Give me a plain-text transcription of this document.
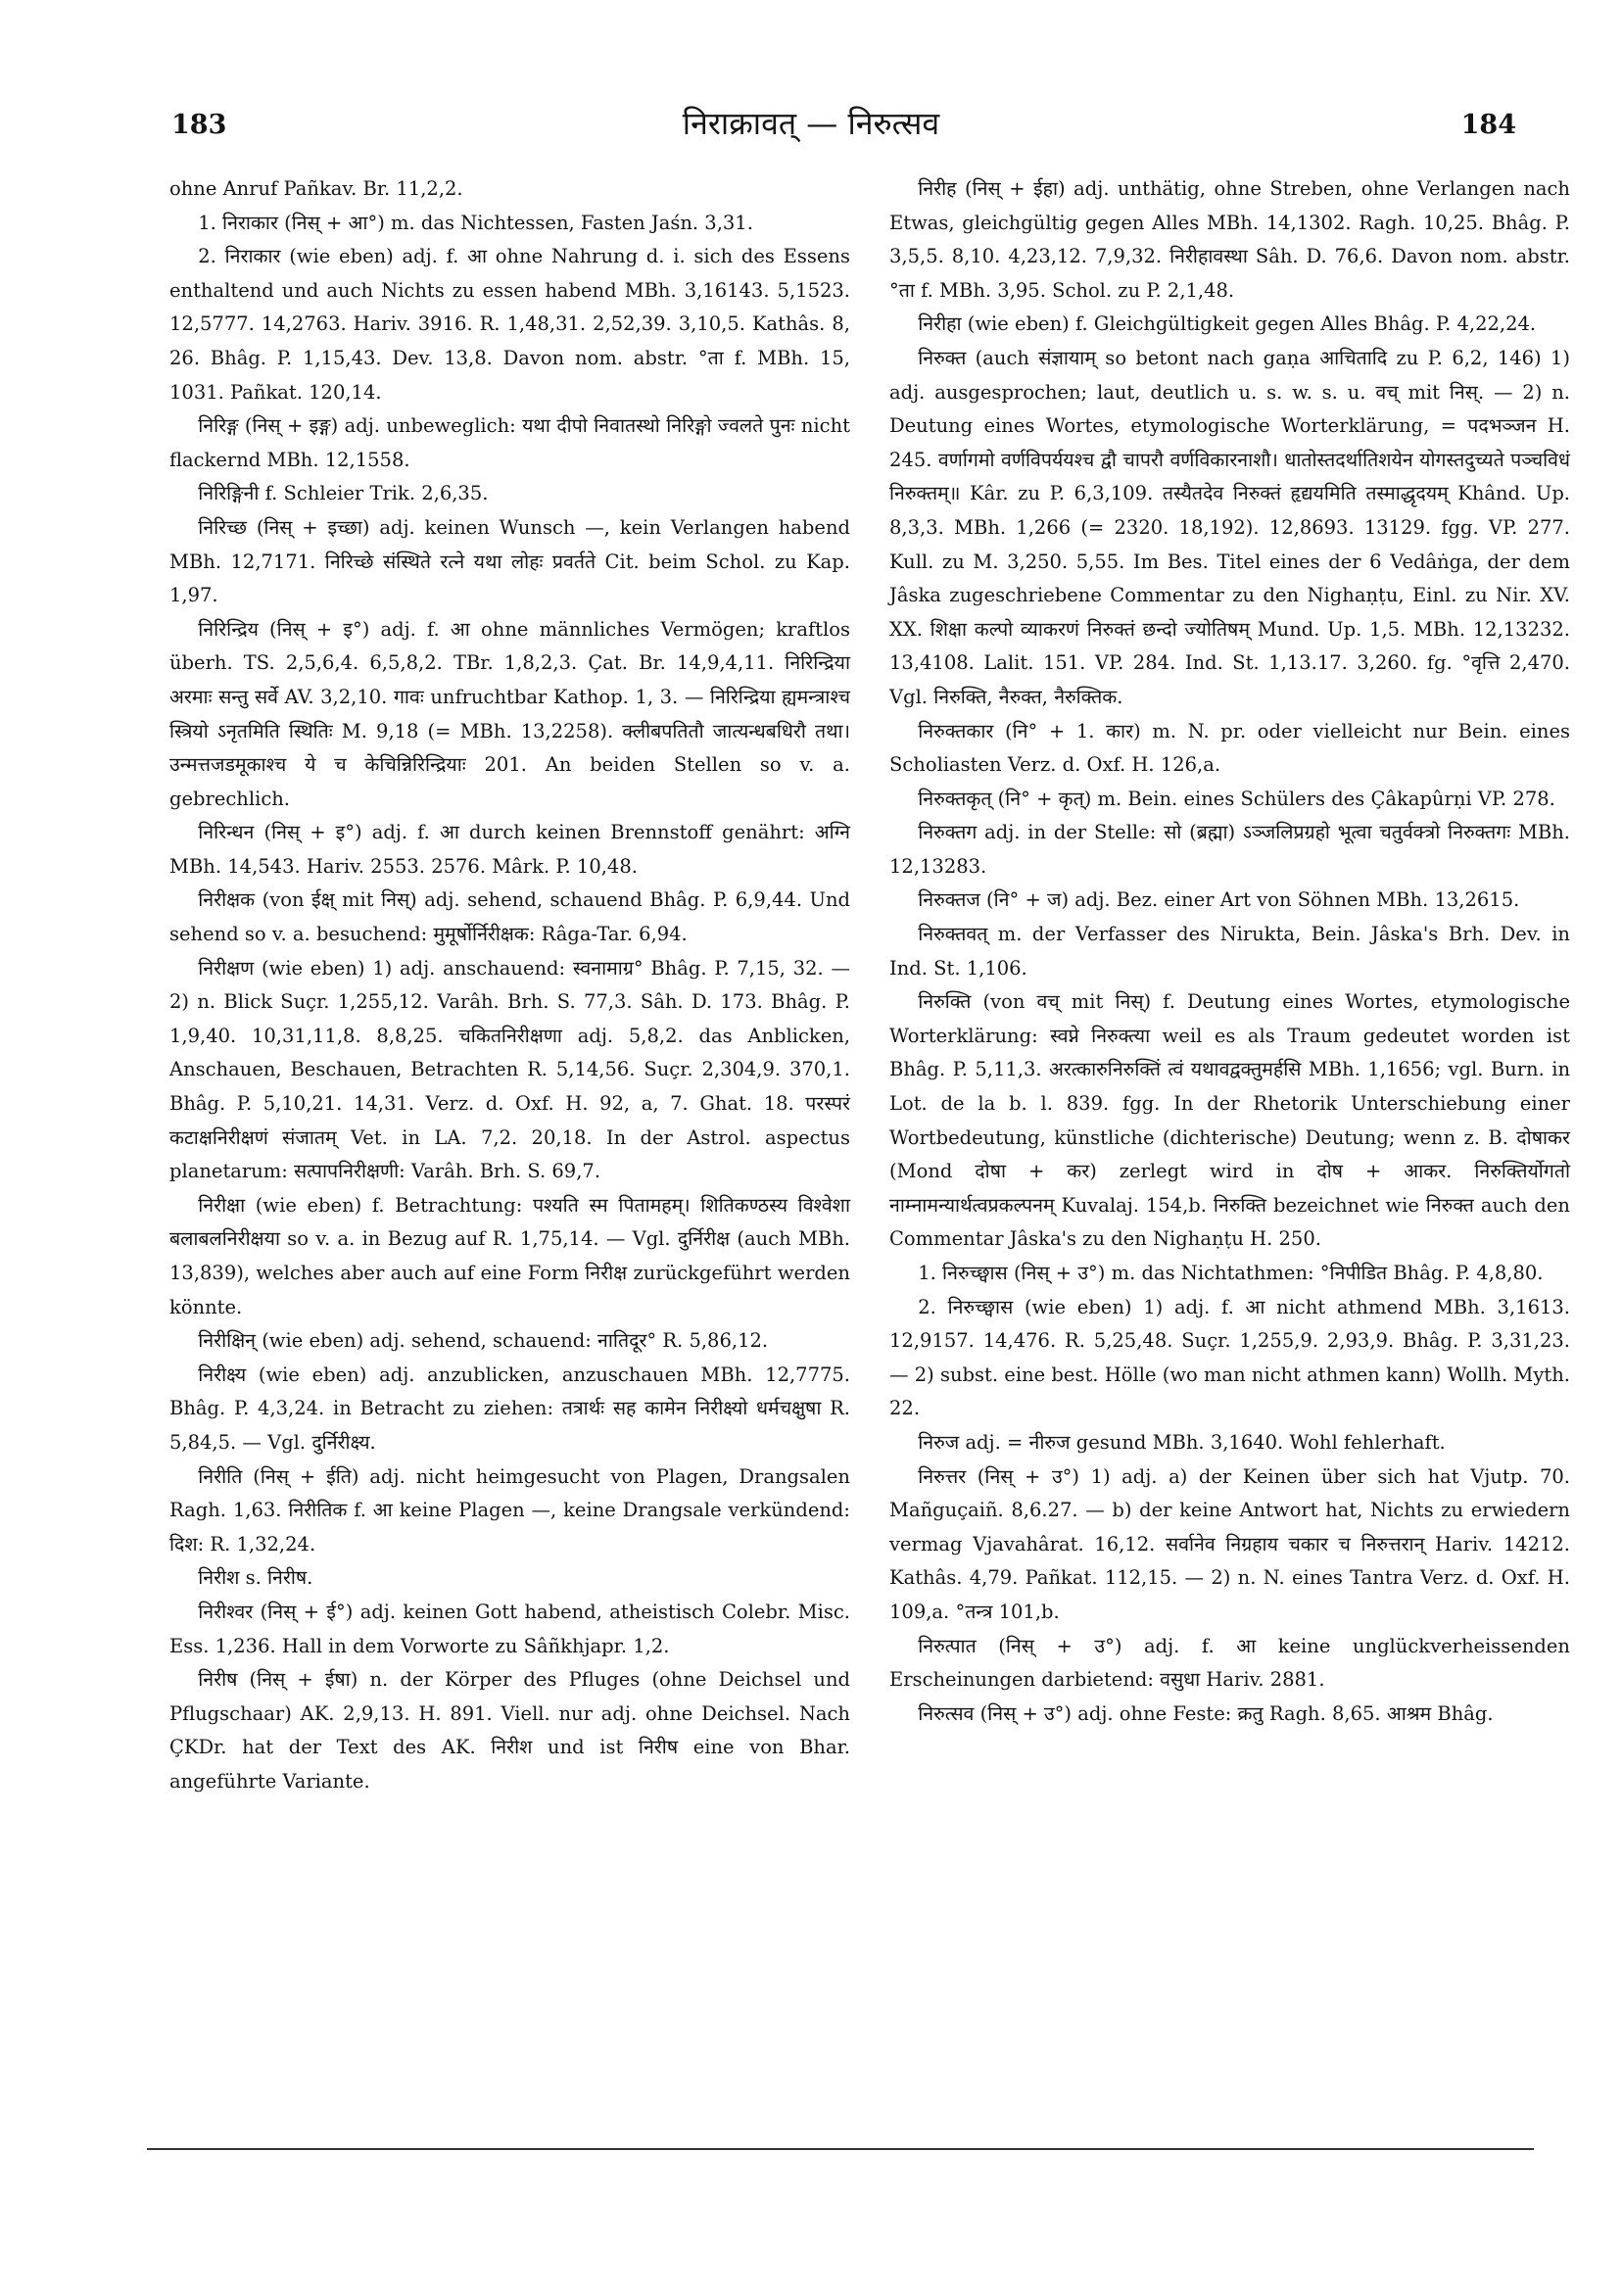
183	निराक्रावत् — निरुत्सव	184

ohne Anruf Pañkav. Br. 11,2,2.

1. निराकार (निस् + आ°) m. das Nichtessen, Fasten Jaśn. 3,31.

2. निराकार (wie eben) adj. f. आ ohne Nahrung d. i. sich des Essens enthaltend und auch Nichts zu essen habend MBh. 3,16143. 5,1523. 12,5777. 14,2763. Hariv. 3916. R. 1,48,31. 2,52,39. 3,10,5. Kathâs. 8, 26. Bhâg. P. 1,15,43. Dev. 13,8. Davon nom. abstr. °ता f. MBh. 15, 1031. Pañkat. 120,14.

निरिङ्ग (निस् + इङ्ग) adj. unbeweglich: यथा दीपो निवातस्थो निरिङ्गो ज्वलते पुनः nicht flackernd MBh. 12,1558.

निरिङ्गिनी f. Schleier Trik. 2,6,35.

निरिच्छ (निस् + इच्छा) adj. keinen Wunsch —, kein Verlangen habend MBh. 12,7171. निरिच्छे संस्थिते रत्ने यथा लोहः प्रवर्तते Cit. beim Schol. zu Kap. 1,97.

निरिन्द्रिय (निस् + इ°) adj. f. आ ohne männliches Vermögen; kraftlos überh. TS. 2,5,6,4. 6,5,8,2. TBr. 1,8,2,3. Çat. Br. 14,9,4,11. निरिन्द्रिया अरमाः सन्तु सर्वे AV. 3,2,10. गावः unfruchtbar Kathop. 1, 3. — निरिन्द्रिया ह्यमन्त्राश्च स्त्रियो ऽनृतमिति स्थितिः M. 9,18 (= MBh. 13,2258). क्लीबपतितौ जात्यन्धबधिरौ तथा। उन्मत्तजडमूकाश्च ये च केचिन्निरिन्द्रियाः 201. An beiden Stellen so v. a. gebrechlich.

निरिन्धन (निस् + इ°) adj. f. आ durch keinen Brennstoff genährt: अग्नि MBh. 14,543. Hariv. 2553. 2576. Mârk. P. 10,48.

निरीक्षक (von ईक्ष् mit निस्) adj. sehend, schauend Bhâg. P. 6,9,44. Und sehend so v. a. besuchend: मुमूर्षोर्निरीक्षक: Râga-Tar. 6,94.

निरीक्षण (wie eben) 1) adj. anschauend: स्वनामाग्र° Bhâg. P. 7,15, 32. — 2) n. Blick Suçr. 1,255,12. Varâh. Brh. S. 77,3. Sâh. D. 173. Bhâg. P. 1,9,40. 10,31,11,8. 8,8,25. चकितनिरीक्षणा adj. 5,8,2. das Anblicken, Anschauen, Beschauen, Betrachten R. 5,14,56. Suçr. 2,304,9. 370,1. Bhâg. P. 5,10,21. 14,31. Verz. d. Oxf. H. 92, a, 7. Ghat. 18. परस्परं कटाक्षनिरीक्षणं संजातम् Vet. in LA. 7,2. 20,18. In der Astrol. aspectus planetarum: सत्पापनिरीक्षणी: Varâh. Brh. S. 69,7.

निरीक्षा (wie eben) f. Betrachtung: पश्यति स्म पितामहम्। शितिकण्ठस्य विश्वेशा बलाबलनिरीक्षया so v. a. in Bezug auf R. 1,75,14. — Vgl. दुर्निरीक्ष (auch MBh. 13,839), welches aber auch auf eine Form निरीक्ष zurückgeführt werden könnte.

निरीक्षिन् (wie eben) adj. sehend, schauend: नातिदूर° R. 5,86,12.

निरीक्ष्य (wie eben) adj. anzublicken, anzuschauen MBh. 12,7775. Bhâg. P. 4,3,24. in Betracht zu ziehen: तत्रार्थः सह कामेन निरीक्ष्यो धर्मचक्षुषा R. 5,84,5. — Vgl. दुर्निरीक्ष्य.

निरीति (निस् + ईति) adj. nicht heimgesucht von Plagen, Drangsalen Ragh. 1,63. निरीतिक f. आ keine Plagen —, keine Drangsale verkündend: दिश: R. 1,32,24.

निरीश s. निरीष.

निरीश्वर (निस् + ई°) adj. keinen Gott habend, atheistisch Colebr. Misc. Ess. 1,236. Hall in dem Vorworte zu Sâñkhjapr. 1,2.

निरीष (निस् + ईषा) n. der Körper des Pfluges (ohne Deichsel und Pflugschaar) AK. 2,9,13. H. 891. Viell. nur adj. ohne Deichsel. Nach ÇKDr. hat der Text des AK. निरीश und ist निरीष eine von Bhar. angeführte Variante.

निरीह (निस् + ईहा) adj. unthätig, ohne Streben, ohne Verlangen nach Etwas, gleichgültig gegen Alles MBh. 14,1302. Ragh. 10,25. Bhâg. P. 3,5,5. 8,10. 4,23,12. 7,9,32. निरीहावस्था Sâh. D. 76,6. Davon nom. abstr. °ता f. MBh. 3,95. Schol. zu P. 2,1,48.

निरीहा (wie eben) f. Gleichgültigkeit gegen Alles Bhâg. P. 4,22,24.

निरुक्त (auch संज्ञायाम् so betont nach gaṇa आचितादि zu P. 6,2, 146) 1) adj. ausgesprochen; laut, deutlich u. s. w. s. u. वच् mit निस्. — 2) n. Deutung eines Wortes, etymologische Worterklärung, = पदभञ्जन H. 245. वर्णागमो वर्णविपर्ययश्च द्वौ चापरौ वर्णविकारनाशौ। धातोस्तदर्थातिशयेन योगस्तदुच्यते पञ्चविधं निरुक्तम्॥ Kâr. zu P. 6,3,109. तस्यैतदेव निरुक्तं हृद्ययमिति तस्माद्धृदयम् Khând. Up. 8,3,3. MBh. 1,266 (= 2320. 18,192). 12,8693. 13129. fgg. VP. 277. Kull. zu M. 3,250. 5,55. Im Bes. Titel eines der 6 Vedâṅga, der dem Jâska zugeschriebene Commentar zu den Nighaṇṭu, Einl. zu Nir. XV. XX. शिक्षा कल्पो व्याकरणं निरुक्तं छन्दो ज्योतिषम् Mund. Up. 1,5. MBh. 12,13232. 13,4108. Lalit. 151. VP. 284. Ind. St. 1,13.17. 3,260. fg. °वृत्ति 2,470. Vgl. निरुक्ति, नैरुक्त, नैरुक्तिक.

निरुक्तकार (नि° + 1. कार) m. N. pr. oder vielleicht nur Bein. eines Scholiasten Verz. d. Oxf. H. 126,a.

निरुक्तकृत् (नि° + कृत्) m. Bein. eines Schülers des Çâkapûrṇi VP. 278.

निरुक्तग adj. in der Stelle: सो (ब्रह्मा) ऽञ्जलिप्रग्रहो भूत्वा चतुर्वक्त्रो निरुक्तगः MBh. 12,13283.

निरुक्तज (नि° + ज) adj. Bez. einer Art von Söhnen MBh. 13,2615.

निरुक्तवत् m. der Verfasser des Nirukta, Bein. Jâska's Brh. Dev. in Ind. St. 1,106.

निरुक्ति (von वच् mit निस्) f. Deutung eines Wortes, etymologische Worterklärung: स्वप्ने निरुक्त्या weil es als Traum gedeutet worden ist Bhâg. P. 5,11,3. अरत्कारुनिरुक्तिं त्वं यथावद्वक्तुमर्हसि MBh. 1,1656; vgl. Burn. in Lot. de la b. l. 839. fgg. In der Rhetorik Unterschiebung einer Wortbedeutung, künstliche (dichterische) Deutung; wenn z. B. दोषाकर (Mond दोषा + कर) zerlegt wird in दोष + आकर. निरुक्तिर्योगतो नाम्नामन्यार्थत्वप्रकल्पनम् Kuvalaj. 154,b. निरुक्ति bezeichnet wie निरुक्त auch den Commentar Jâska's zu den Nighaṇṭu H. 250.

1. निरुच्छ्वास (निस् + उ°) m. das Nichtathmen: °निपीडित Bhâg. P. 4,8,80.

2. निरुच्छ्वास (wie eben) 1) adj. f. आ nicht athmend MBh. 3,1613. 12,9157. 14,476. R. 5,25,48. Suçr. 1,255,9. 2,93,9. Bhâg. P. 3,31,23. — 2) subst. eine best. Hölle (wo man nicht athmen kann) Wollh. Myth. 22.

निरुज adj. = नीरुज gesund MBh. 3,1640. Wohl fehlerhaft.

निरुत्तर (निस् + उ°) 1) adj. a) der Keinen über sich hat Vjutp. 70. Mañguçaiñ. 8,6.27. — b) der keine Antwort hat, Nichts zu erwiedern vermag Vjavahârat. 16,12. सर्वानेव निग्रहाय चकार च निरुत्तरान् Hariv. 14212. Kathâs. 4,79. Pañkat. 112,15. — 2) n. N. eines Tantra Verz. d. Oxf. H. 109,a. °तन्त्र 101,b.

निरुत्पात (निस् + उ°) adj. f. आ keine unglückverheissenden Erscheinungen darbietend: वसुधा Hariv. 2881.

निरुत्सव (निस् + उ°) adj. ohne Feste: क्रतु Ragh. 8,65. आश्रम Bhâg.
